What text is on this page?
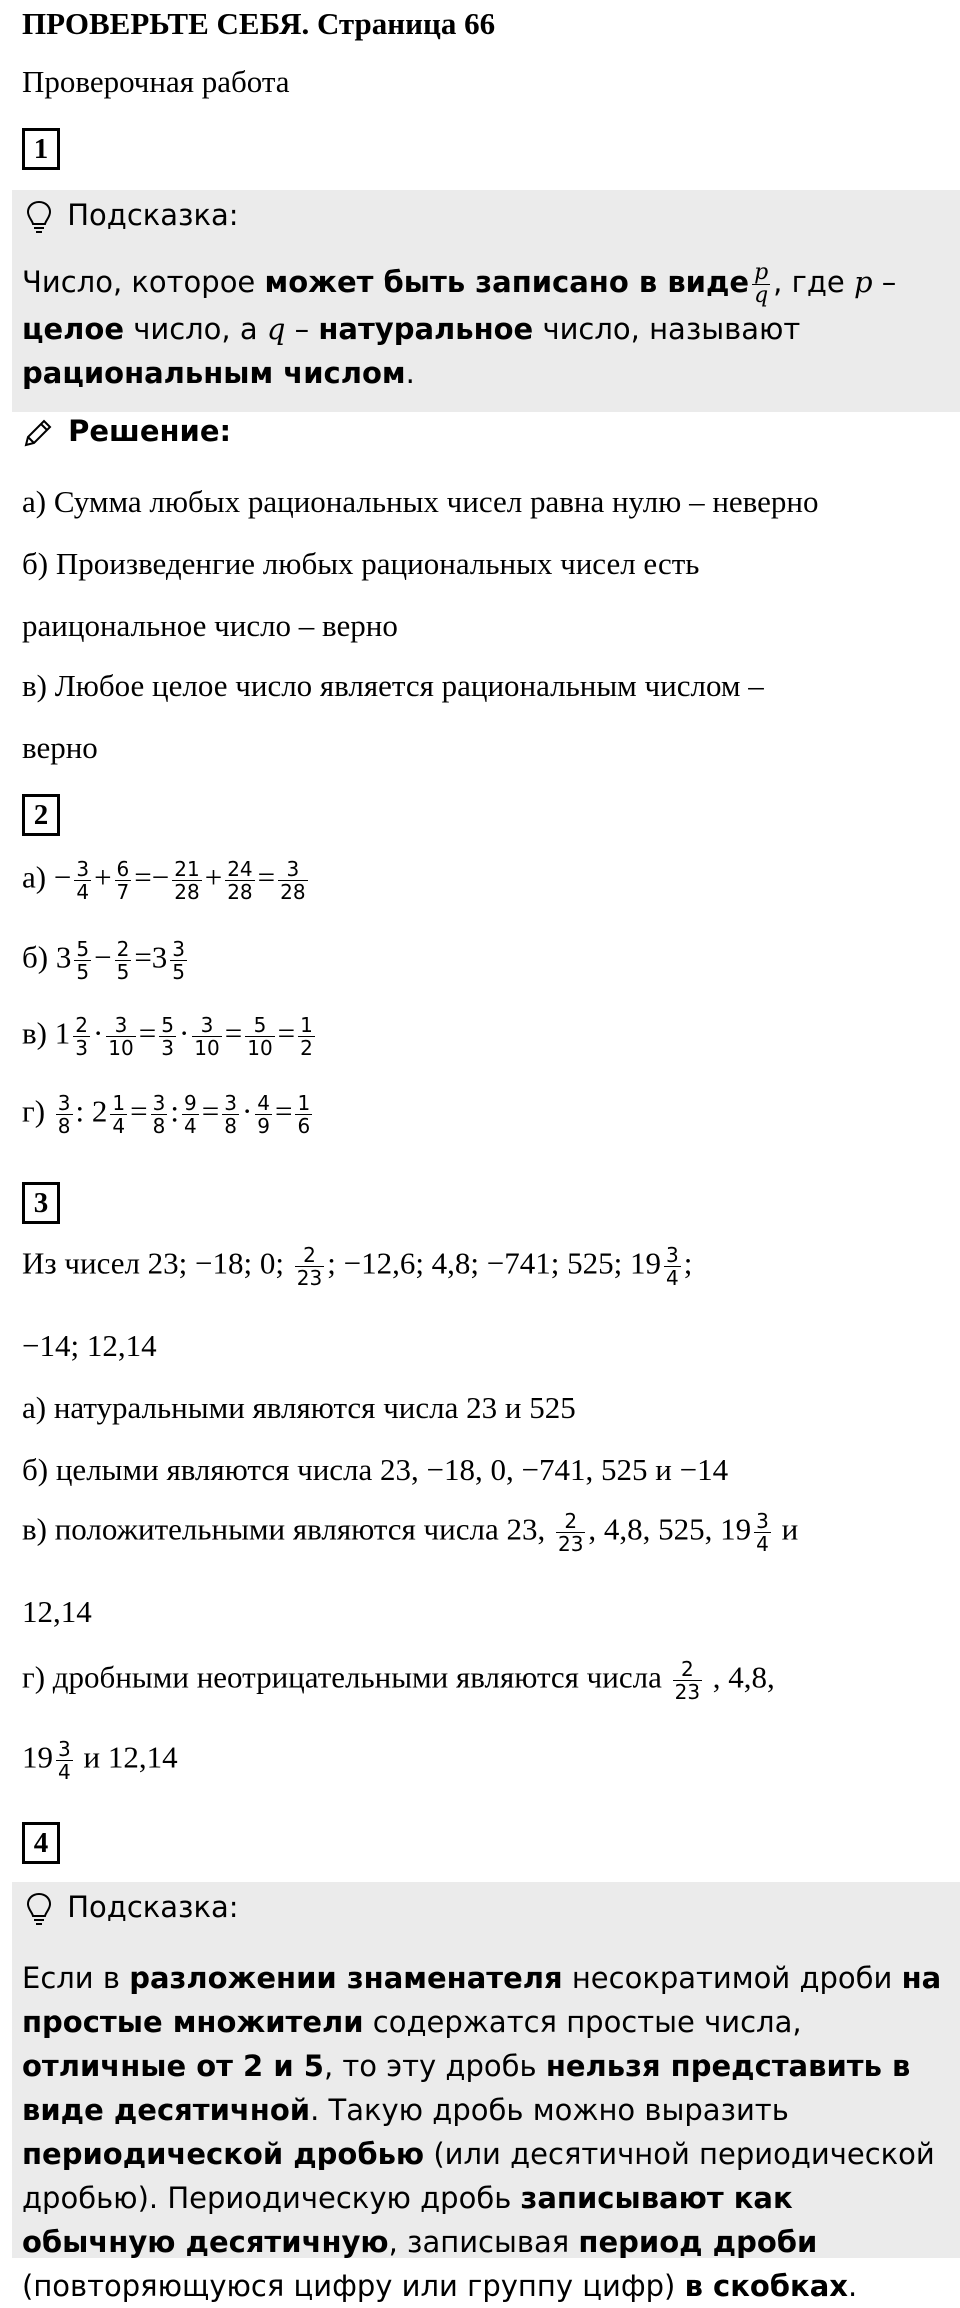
ПРОВЕРЬТЕ СЕБЯ. Страница 66
Проверочная работа
1
Подсказка:
Число, которое может быть записано в виде $\frac{p}{q}$ , где p – целое число, а q – натуральное число, называют рациональным числом.
Решение:
а) Сумма любых рациональных чисел равна нулю – неверно
б) Произведенгие любых рациональных чисел есть
раицональное число – верно
в) Любое целое число является рациональным числом –
верно
2
$а) - \frac{3}{4} + \frac{6}{7} =- \frac{21}{28} + \frac{24}{28} = \frac{3}{28}$
б) $3 \frac{5}{5} - \frac{2}{5} =3 \frac{3}{5}$
в) $1 \frac{2}{3} \cdot \frac{3}{10} = \frac{5}{3} \cdot \frac{3}{10} = \frac{5}{10} = \frac{1}{2}$
$г) \frac{3}{8}$ : $2 \frac{1}{4} = \frac{3}{8}$ : $\frac{9}{4} = \frac{3}{8} \cdot \frac{4}{9} = \frac{1}{6}$
3
Из чисел 23; −18; 0; $\frac{2}{23}$ ; −12,6; 4,8; −741; 525; $19 \frac{3}{4}$ ;
−14; 12,14
а) натуральными являются числа 23 и 525
б) целыми являются числа 23, −18, 0, −741, 525 и −14
в) положительными являются числа 23, $\frac{2}{23}$ , 4,8, 525, $19 \frac{3}{4}$ и
12,14
г) дробными неотрицательными являются числа $\frac{2}{23}$ , 4,8,
$19 \frac{3}{4}$ и 12,14
4
Подсказка:
Если в разложении знаменателя несократимой дроби на простые множители содержатся простые числа, отличные от 2 и 5, то эту дробь нельзя представить в виде десятичной. Такую дробь можно выразить периодической дробью (или десятичной периодической дробью). Периодическую дробь записывают как обычную десятичную, записывая период дроби (повторяющуюся цифру или группу цифр) в скобках.
